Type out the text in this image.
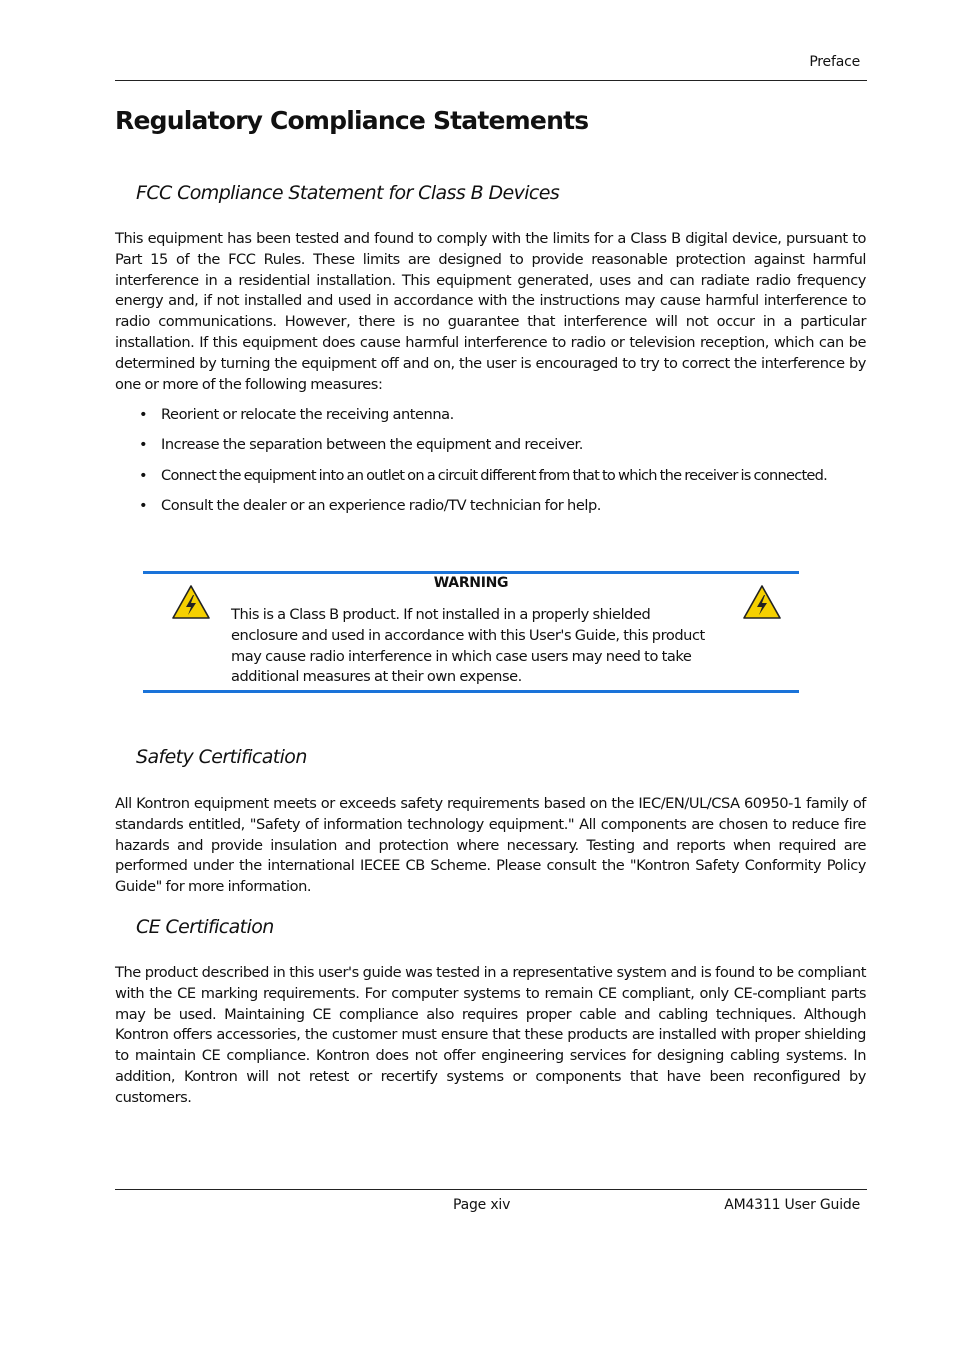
Preface
Regulatory Compliance Statements
FCC Compliance Statement for Class B Devices

This equipment has been tested and found to comply with the limits for a Class B digital device, pursuant to Part 15 of the FCC Rules. These limits are designed to provide reasonable protection against harmful interference in a residential installation. This equipment generated, uses and can radiate radio frequency energy and, if not installed and used in accordance with the instructions may cause harmful interference to radio communications. However, there is no guarantee that interference will not occur in a particular installation. If this equipment does cause harmful interference to radio or television reception, which can be determined by turning the equipment off and on, the user is encouraged to try to correct the interference by one or more of the following measures:

• Reorient or relocate the receiving antenna.
• Increase the separation between the equipment and receiver.
• Connect the equipment into an outlet on a circuit different from that to which the receiver is connected.
• Consult the dealer or an experience radio/TV technician for help.
WARNING

This is a Class B product. If not installed in a properly shielded enclosure and used in accordance with this User's Guide, this product may cause radio interference in which case users may need to take additional measures at their own expense.

Safety Certification

All Kontron equipment meets or exceeds safety requirements based on the IEC/EN/UL/CSA 60950-1 family of standards entitled, "Safety of information technology equipment." All components are chosen to reduce fire hazards and provide insulation and protection where necessary. Testing and reports when required are performed under the international IECEE CB Scheme. Please consult the "Kontron Safety Conformity Policy Guide" for more information.

CE Certification

The product described in this user's guide was tested in a representative system and is found to be compliant with the CE marking requirements. For computer systems to remain CE compliant, only CE-compliant parts may be used. Maintaining CE compliance also requires proper cable and cabling techniques. Although Kontron offers accessories, the customer must ensure that these products are installed with proper shielding to maintain CE compliance. Kontron does not offer engineering services for designing cabling systems. In addition, Kontron will not retest or recertify systems or components that have been reconfigured by customers.

Page xiv	AM4311 User Guide
